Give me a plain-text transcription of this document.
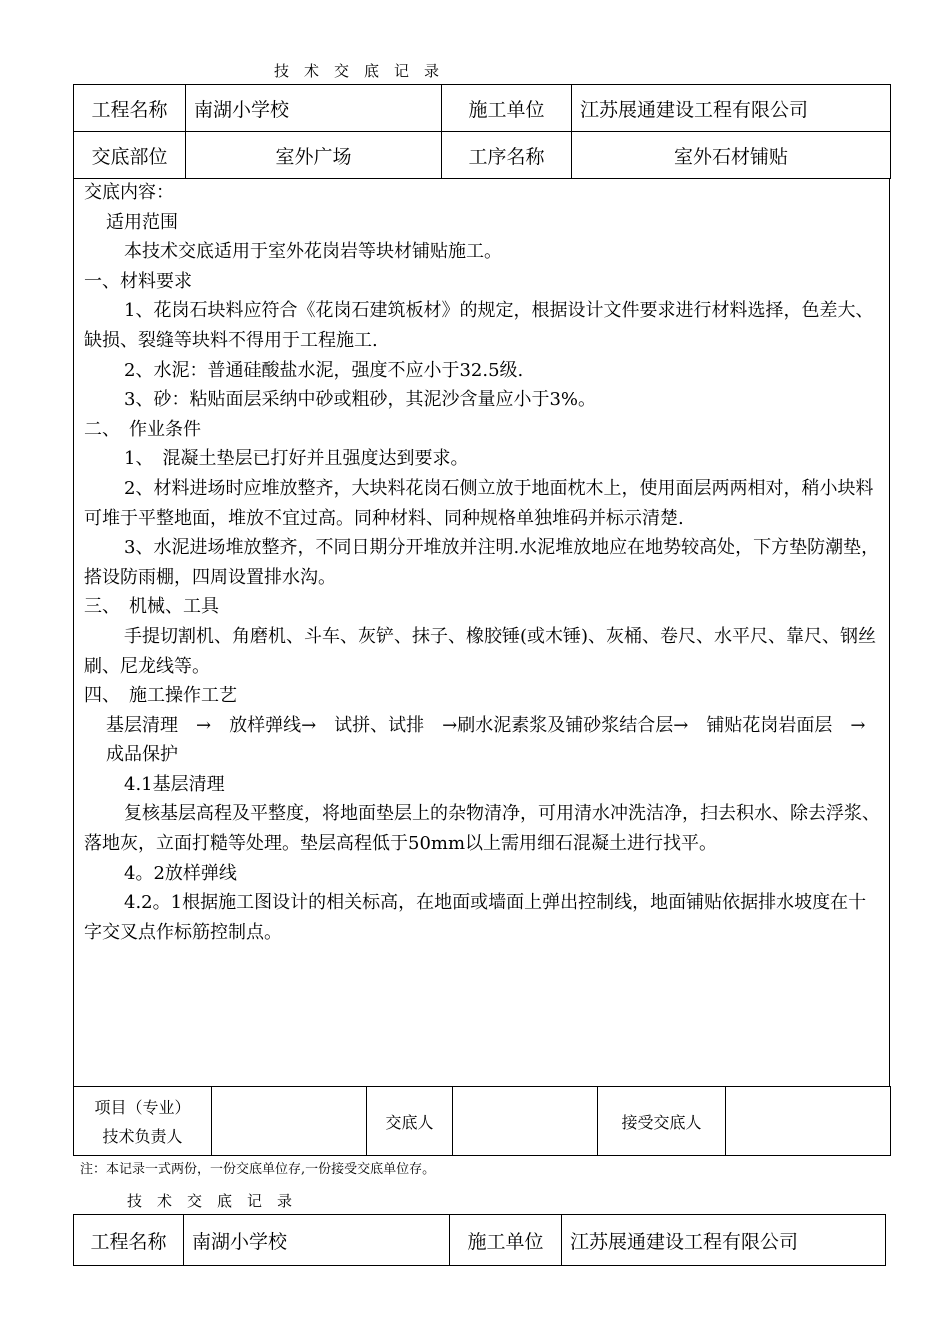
技术交底记录
工程名称	南湖小学校	施工单位	江苏展通建设工程有限公司
交底部位	室外广场	工序名称	室外石材铺贴

交底内容：

适用范围

本技术交底适用于室外花岗岩等块材铺贴施工。

一、材料要求

1、花岗石块料应符合《花岗石建筑板材》的规定，根据设计文件要求进行材料选择，色差大、缺损、裂缝等块料不得用于工程施工.

2、水泥：普通硅酸盐水泥，强度不应小于32.5级.

3、砂：粘贴面层采纳中砂或粗砂，其泥沙含量应小于3%。

二、　作业条件

1、　混凝土垫层已打好并且强度达到要求。

2、材料进场时应堆放整齐，大块料花岗石侧立放于地面枕木上，使用面层两两相对，稍小块料可堆于平整地面，堆放不宜过高。同种材料、同种规格单独堆码并标示清楚.

3、水泥进场堆放整齐，不同日期分开堆放并注明.水泥堆放地应在地势较高处，下方垫防潮垫，搭设防雨棚，四周设置排水沟。

三、　机械、工具

手提切割机、角磨机、斗车、灰铲、抹子、橡胶锤(或木锤)、灰桶、卷尺、水平尺、靠尺、钢丝刷、尼龙线等。

四、　施工操作工艺

基层清理　→　放样弹线→　试拼、试排　→刷水泥素浆及铺砂浆结合层→　铺贴花岗岩面层　→　成品保护

4.1基层清理

复核基层高程及平整度，将地面垫层上的杂物清净，可用清水冲洗洁净，扫去积水、除去浮浆、落地灰，立面打糙等处理。垫层高程低于50mm以上需用细石混凝土进行找平。

4。2放样弹线

4.2。1根据施工图设计的相关标高，在地面或墙面上弹出控制线，地面铺贴依据排水坡度在十字交叉点作标筋控制点。

项目（专业）
技术负责人
		交底人		接受交底人	
注：本记录一式两份，一份交底单位存,一份接受交底单位存。
技术交底记录
工程名称	南湖小学校	施工单位	江苏展通建设工程有限公司
